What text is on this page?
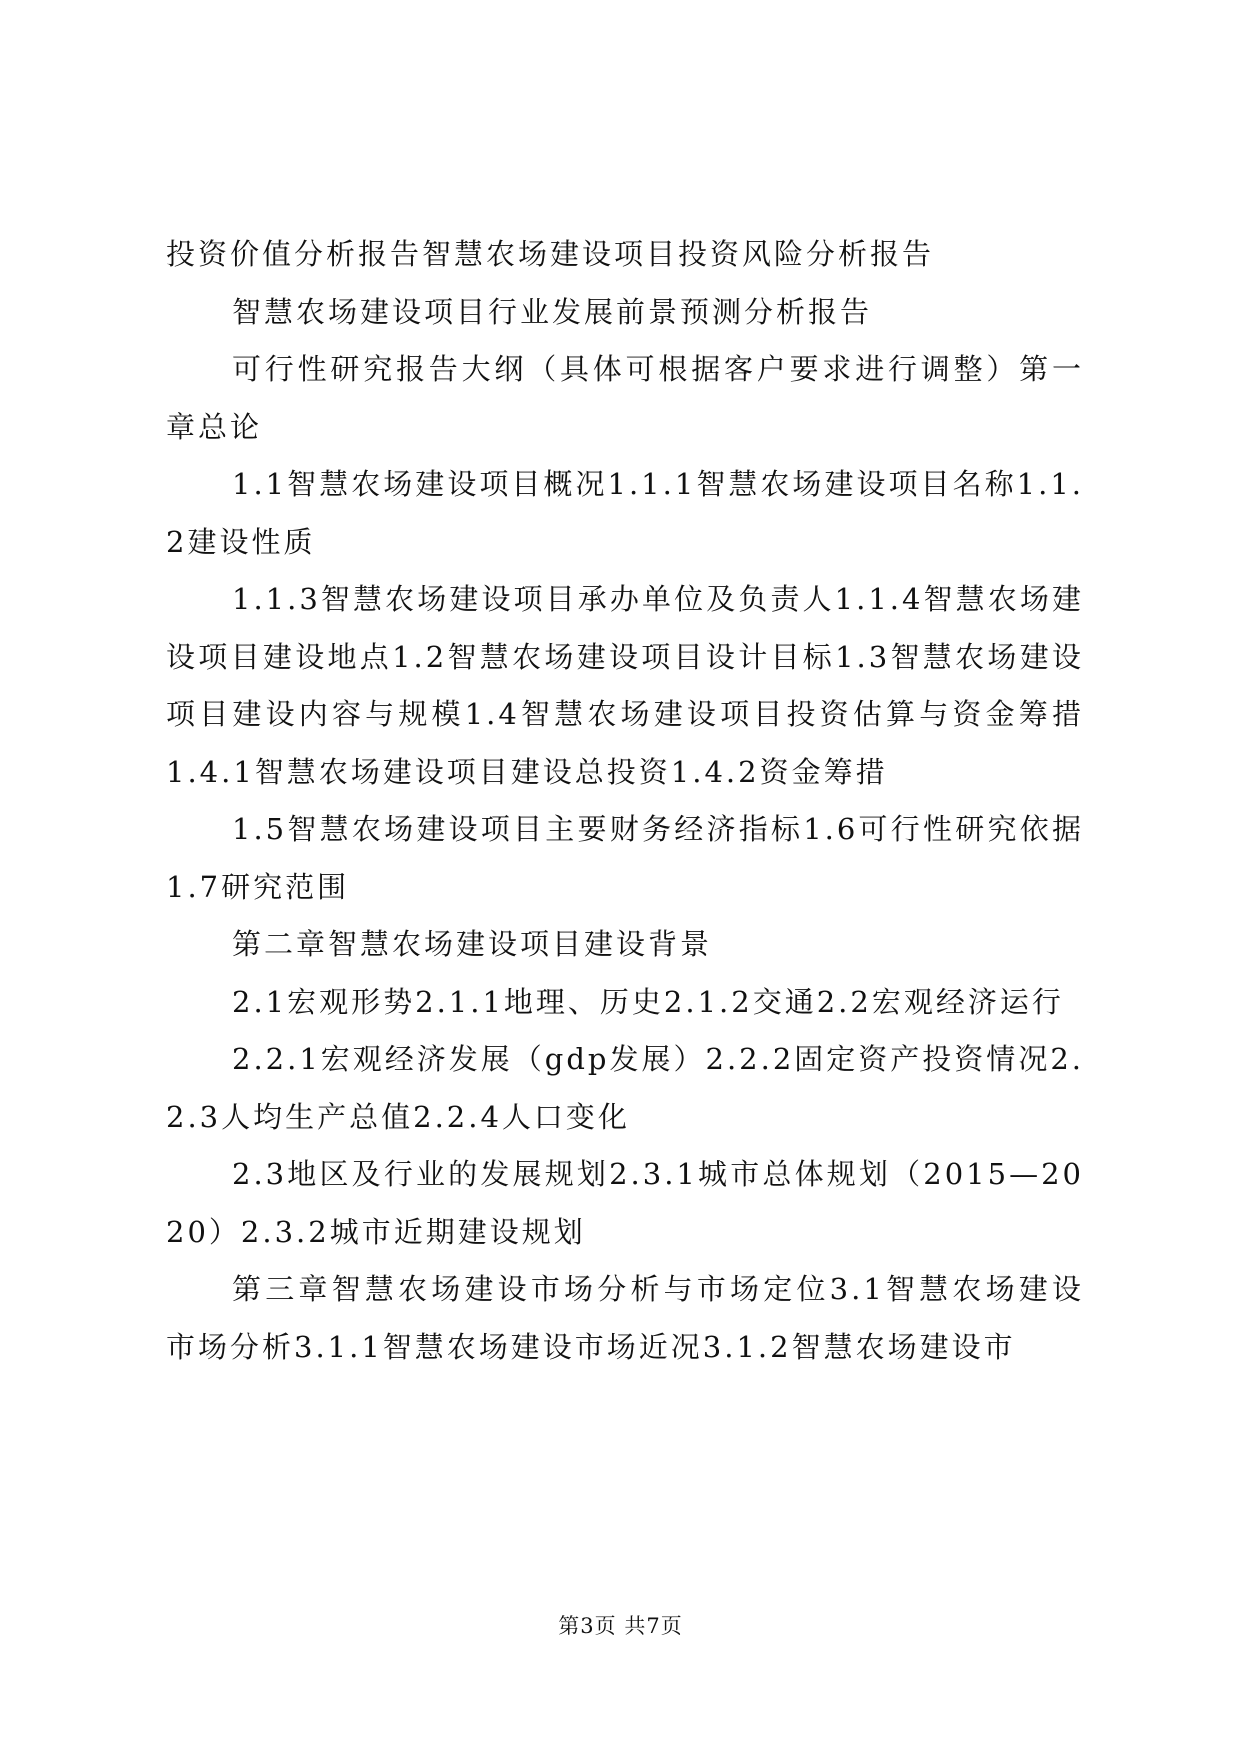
投资价值分析报告智慧农场建设项目投资风险分析报告

智慧农场建设项目行业发展前景预测分析报告

可行性研究报告大纲（具体可根据客户要求进行调整）第一章总论

1.1智慧农场建设项目概况1.1.1智慧农场建设项目名称1.1.2建设性质

1.1.3智慧农场建设项目承办单位及负责人1.1.4智慧农场建设项目建设地点1.2智慧农场建设项目设计目标1.3智慧农场建设项目建设内容与规模1.4智慧农场建设项目投资估算与资金筹措1.4.1智慧农场建设项目建设总投资1.4.2资金筹措

1.5智慧农场建设项目主要财务经济指标1.6可行性研究依据1.7研究范围

第二章智慧农场建设项目建设背景

2.1宏观形势2.1.1地理、历史2.1.2交通2.2宏观经济运行

2.2.1宏观经济发展（gdp发展）2.2.2固定资产投资情况2.2.3人均生产总值2.2.4人口变化

2.3地区及行业的发展规划2.3.1城市总体规划（2015—2020）2.3.2城市近期建设规划

第三章智慧农场建设市场分析与市场定位3.1智慧农场建设市场分析3.1.1智慧农场建设市场近况3.1.2智慧农场建设市

第3页 共7页
